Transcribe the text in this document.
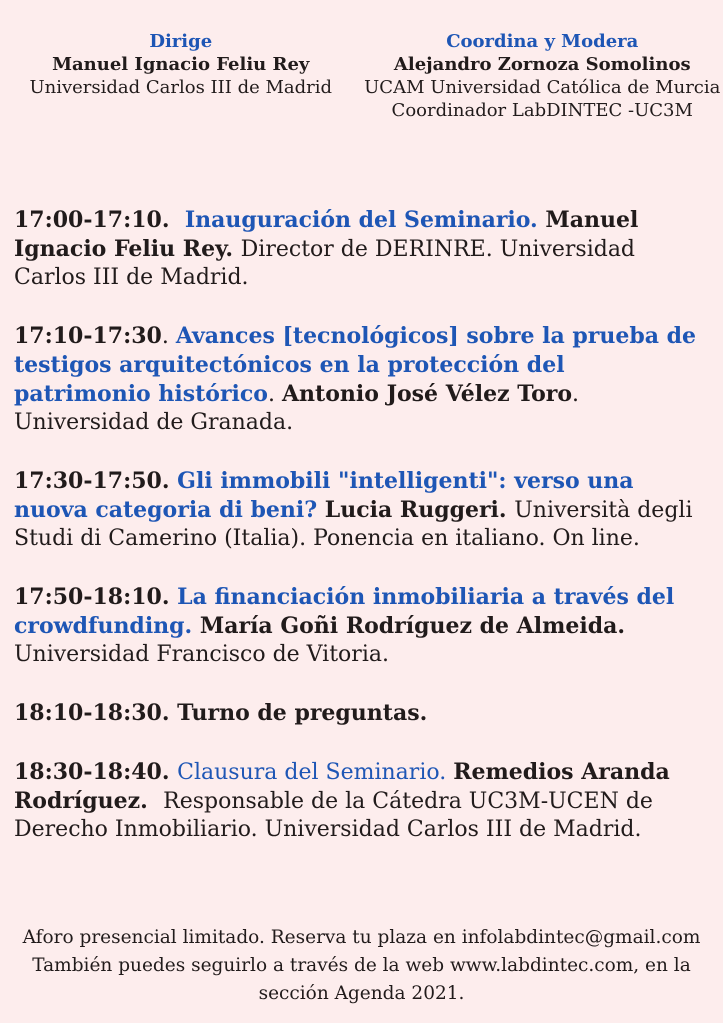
Dirige
Manuel Ignacio Feliu Rey
Universidad Carlos III de Madrid
Coordina y Modera
Alejandro Zornoza Somolinos
UCAM Universidad Católica de Murcia
Coordinador LabDINTEC -UC3M

17:00-17:10.  Inauguración del Seminario. Manuel Ignacio Feliu Rey. Director de DERINRE. Universidad Carlos III de Madrid.

17:10-17:30. Avances [tecnológicos] sobre la prueba de testigos arquitectónicos en la protección del patrimonio histórico. Antonio José Vélez Toro. Universidad de Granada.

17:30-17:50. Gli immobili "intelligenti": verso una nuova categoria di beni? Lucia Ruggeri. Università degli Studi di Camerino (Italia). Ponencia en italiano. On line.

17:50-18:10. La financiación inmobiliaria a través del crowdfunding. María Goñi Rodríguez de Almeida. Universidad Francisco de Vitoria.

18:10-18:30. Turno de preguntas.

18:30-18:40. Clausura del Seminario. Remedios Aranda Rodríguez.  Responsable de la Cátedra UC3M-UCEN de Derecho Inmobiliario. Universidad Carlos III de Madrid.

Aforo presencial limitado. Reserva tu plaza en infolabdintec@gmail.com
También puedes seguirlo a través de la web www.labdintec.com, en la
sección Agenda 2021.
